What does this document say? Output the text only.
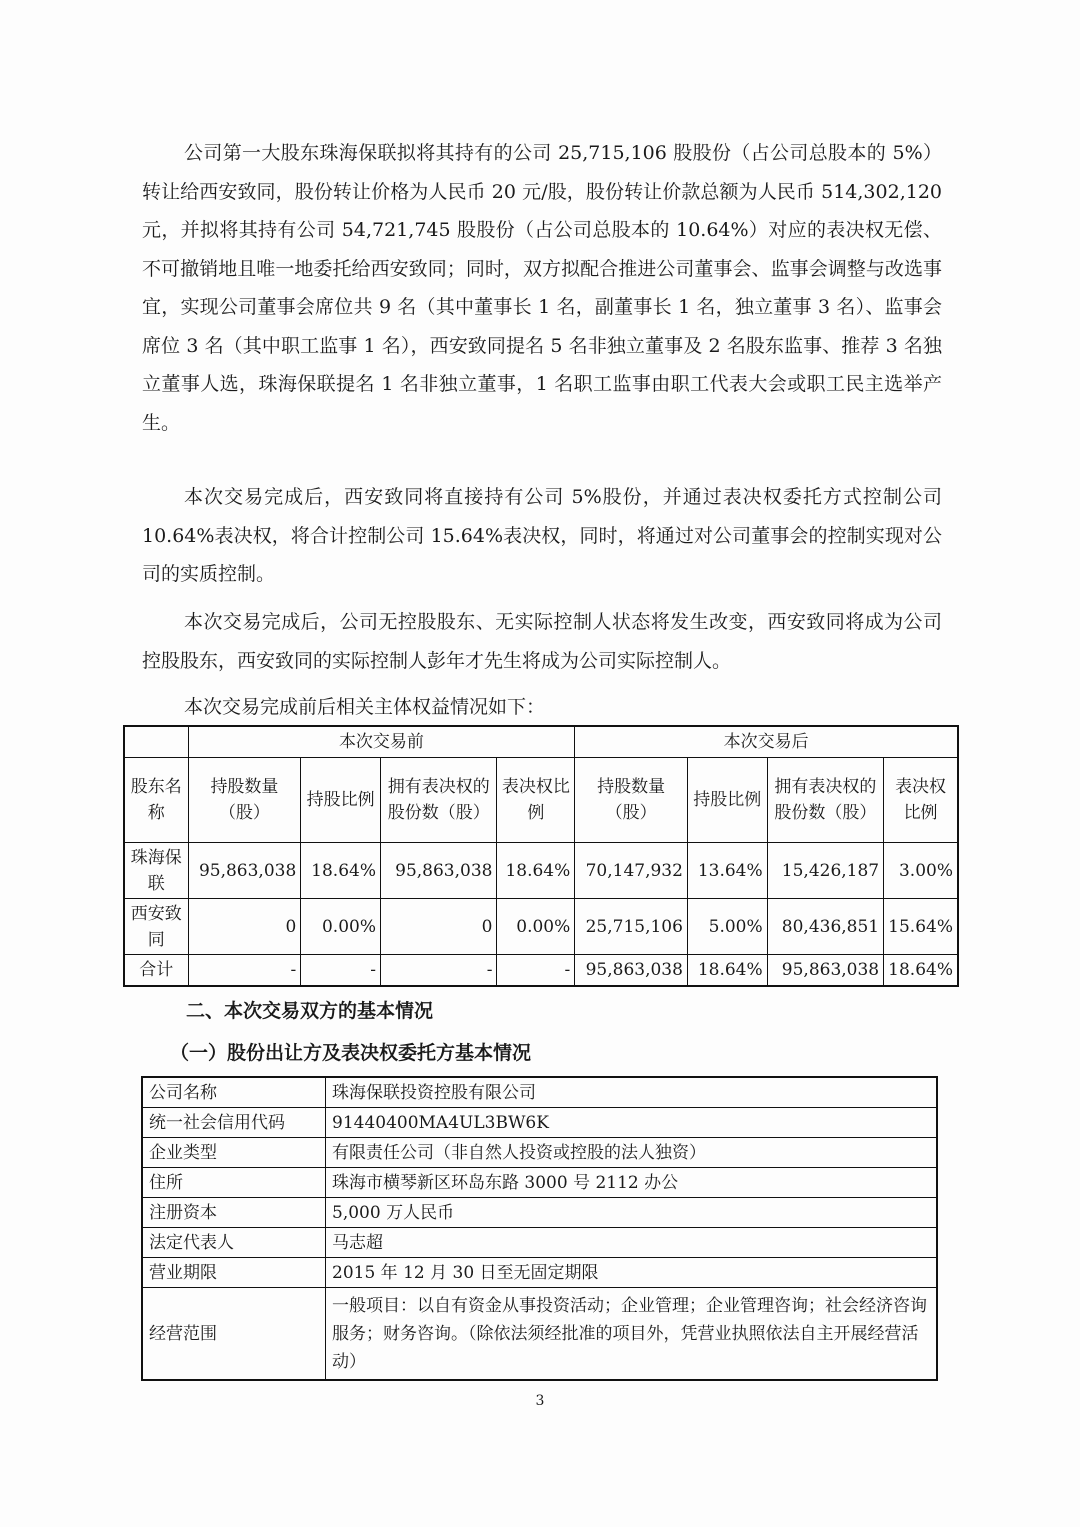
公司第一大股东珠海保联拟将其持有的公司 25,715,106 股股份（占公司总股本的 5%）转让给西安致同，股份转让价格为人民币 20 元/股，股份转让价款总额为人民币 514,302,120 元，并拟将其持有公司 54,721,745 股股份（占公司总股本的 10.64%）对应的表决权无偿、不可撤销地且唯一地委托给西安致同；同时，双方拟配合推进公司董事会、监事会调整与改选事宜，实现公司董事会席位共 9 名（其中董事长 1 名，副董事长 1 名，独立董事 3 名）、监事会席位 3 名（其中职工监事 1 名），西安致同提名 5 名非独立董事及 2 名股东监事、推荐 3 名独立董事人选，珠海保联提名 1 名非独立董事，1 名职工监事由职工代表大会或职工民主选举产生。

本次交易完成后，西安致同将直接持有公司 5%股份，并通过表决权委托方式控制公司 10.64%表决权，将合计控制公司 15.64%表决权，同时，将通过对公司董事会的控制实现对公司的实质控制。

本次交易完成后，公司无控股股东、无实际控制人状态将发生改变，西安致同将成为公司控股股东，西安致同的实际控制人彭年才先生将成为公司实际控制人。

本次交易完成前后相关主体权益情况如下：

	本次交易前				本次交易后			
股东名称	持股数量（股）	持股比例	拥有表决权的股份数（股）	表决权比例	持股数量（股）	持股比例	拥有表决权的股份数（股）	表决权比例
珠海保联	95,863,038	18.64%	95,863,038	18.64%	70,147,932	13.64%	15,426,187	3.00%
西安致同	0	0.00%	0	0.00%	25,715,106	5.00%	80,436,851	15.64%
合计	-	-	-	-	95,863,038	18.64%	95,863,038	18.64%

二、本次交易双方的基本情况

（一）股份出让方及表决权委托方基本情况

公司名称	珠海保联投资控股有限公司
统一社会信用代码	91440400MA4UL3BW6K
企业类型	有限责任公司（非自然人投资或控股的法人独资）
住所	珠海市横琴新区环岛东路 3000 号 2112 办公
注册资本	5,000 万人民币
法定代表人	马志超
营业期限	2015 年 12 月 30 日至无固定期限
经营范围	一般项目：以自有资金从事投资活动；企业管理；企业管理咨询；社会经济咨询服务；财务咨询。（除依法须经批准的项目外，凭营业执照依法自主开展经营活动）
3
